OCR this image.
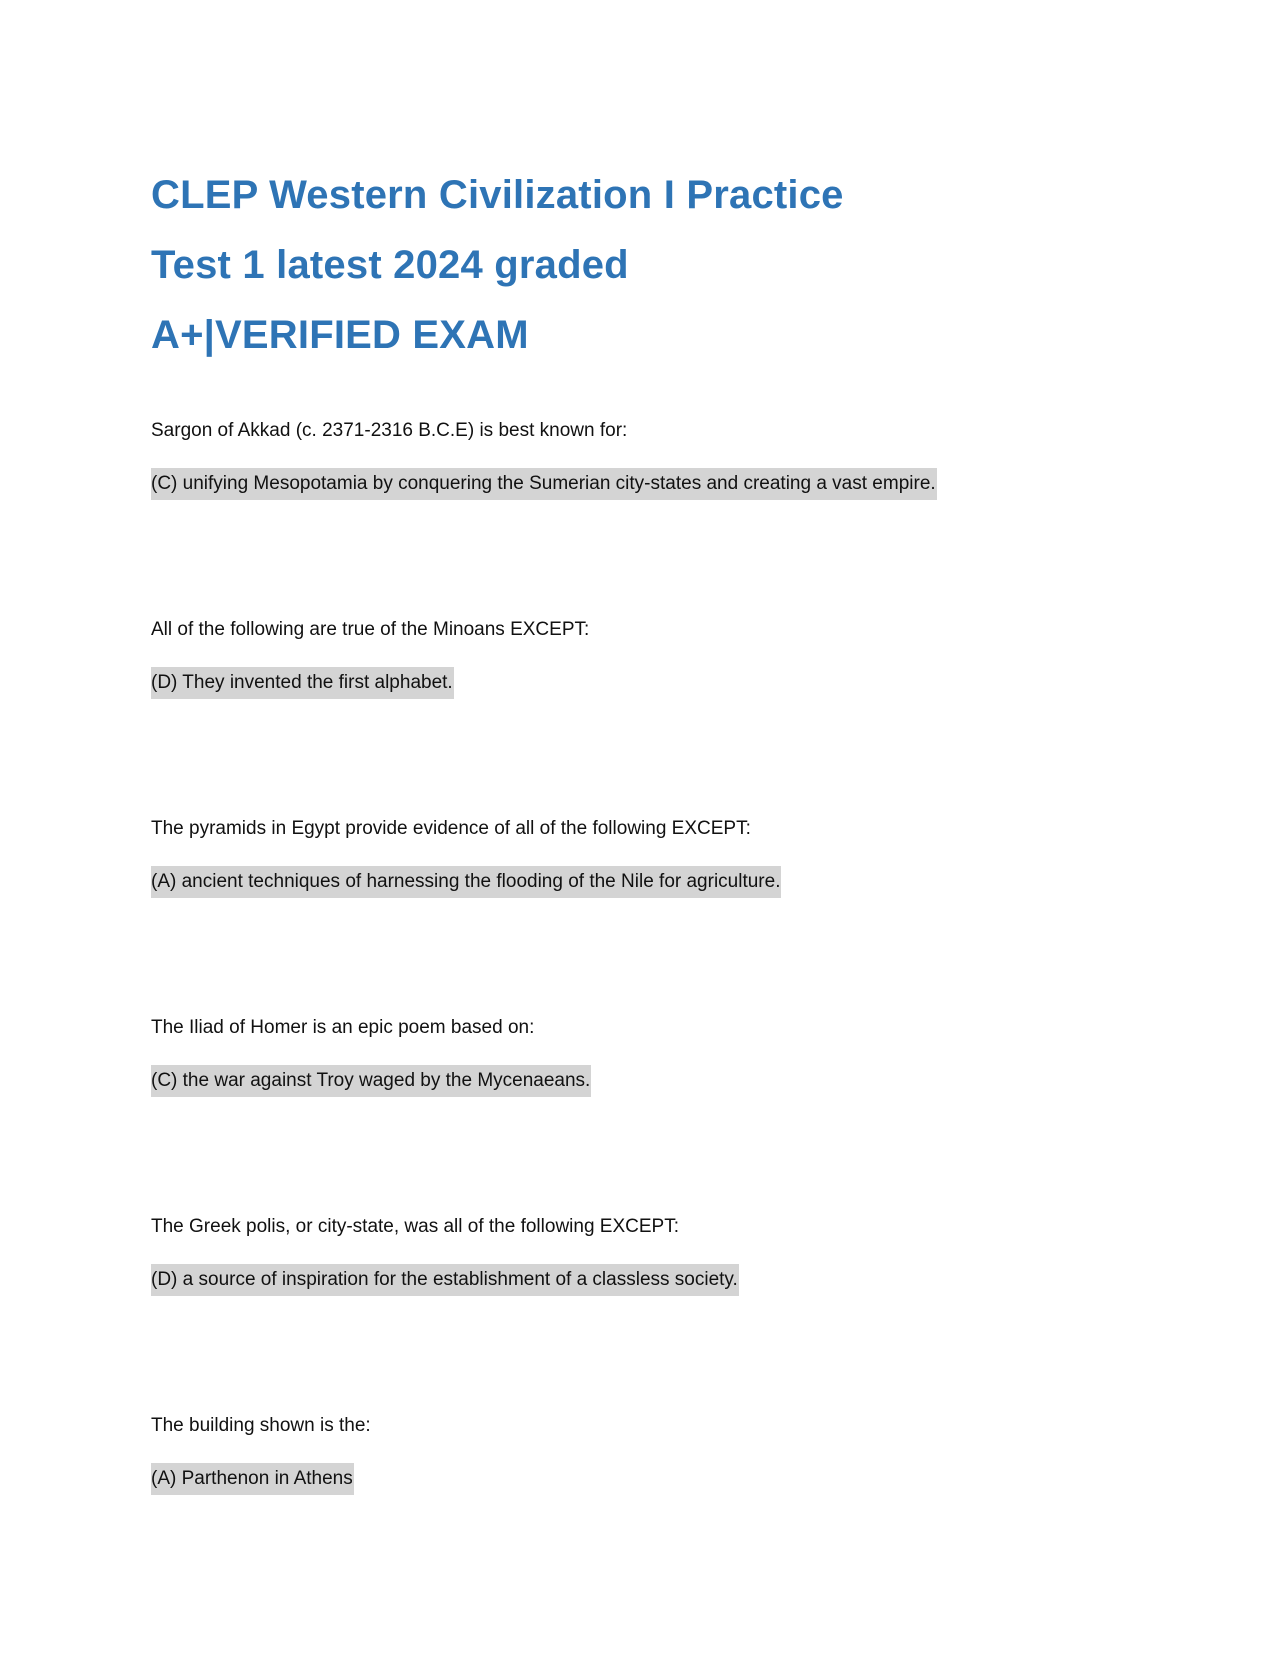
CLEP Western Civilization I Practice
Test 1 latest 2024 graded
A+|VERIFIED EXAM

Sargon of Akkad (c. 2371-2316 B.C.E) is best known for:

(C) unifying Mesopotamia by conquering the Sumerian city-states and creating a vast empire.

All of the following are true of the Minoans EXCEPT:

(D) They invented the first alphabet.

The pyramids in Egypt provide evidence of all of the following EXCEPT:

(A) ancient techniques of harnessing the flooding of the Nile for agriculture.

The Iliad of Homer is an epic poem based on:

(C) the war against Troy waged by the Mycenaeans.

The Greek polis, or city-state, was all of the following EXCEPT:

(D) a source of inspiration for the establishment of a classless society.

The building shown is the:

(A) Parthenon in Athens
